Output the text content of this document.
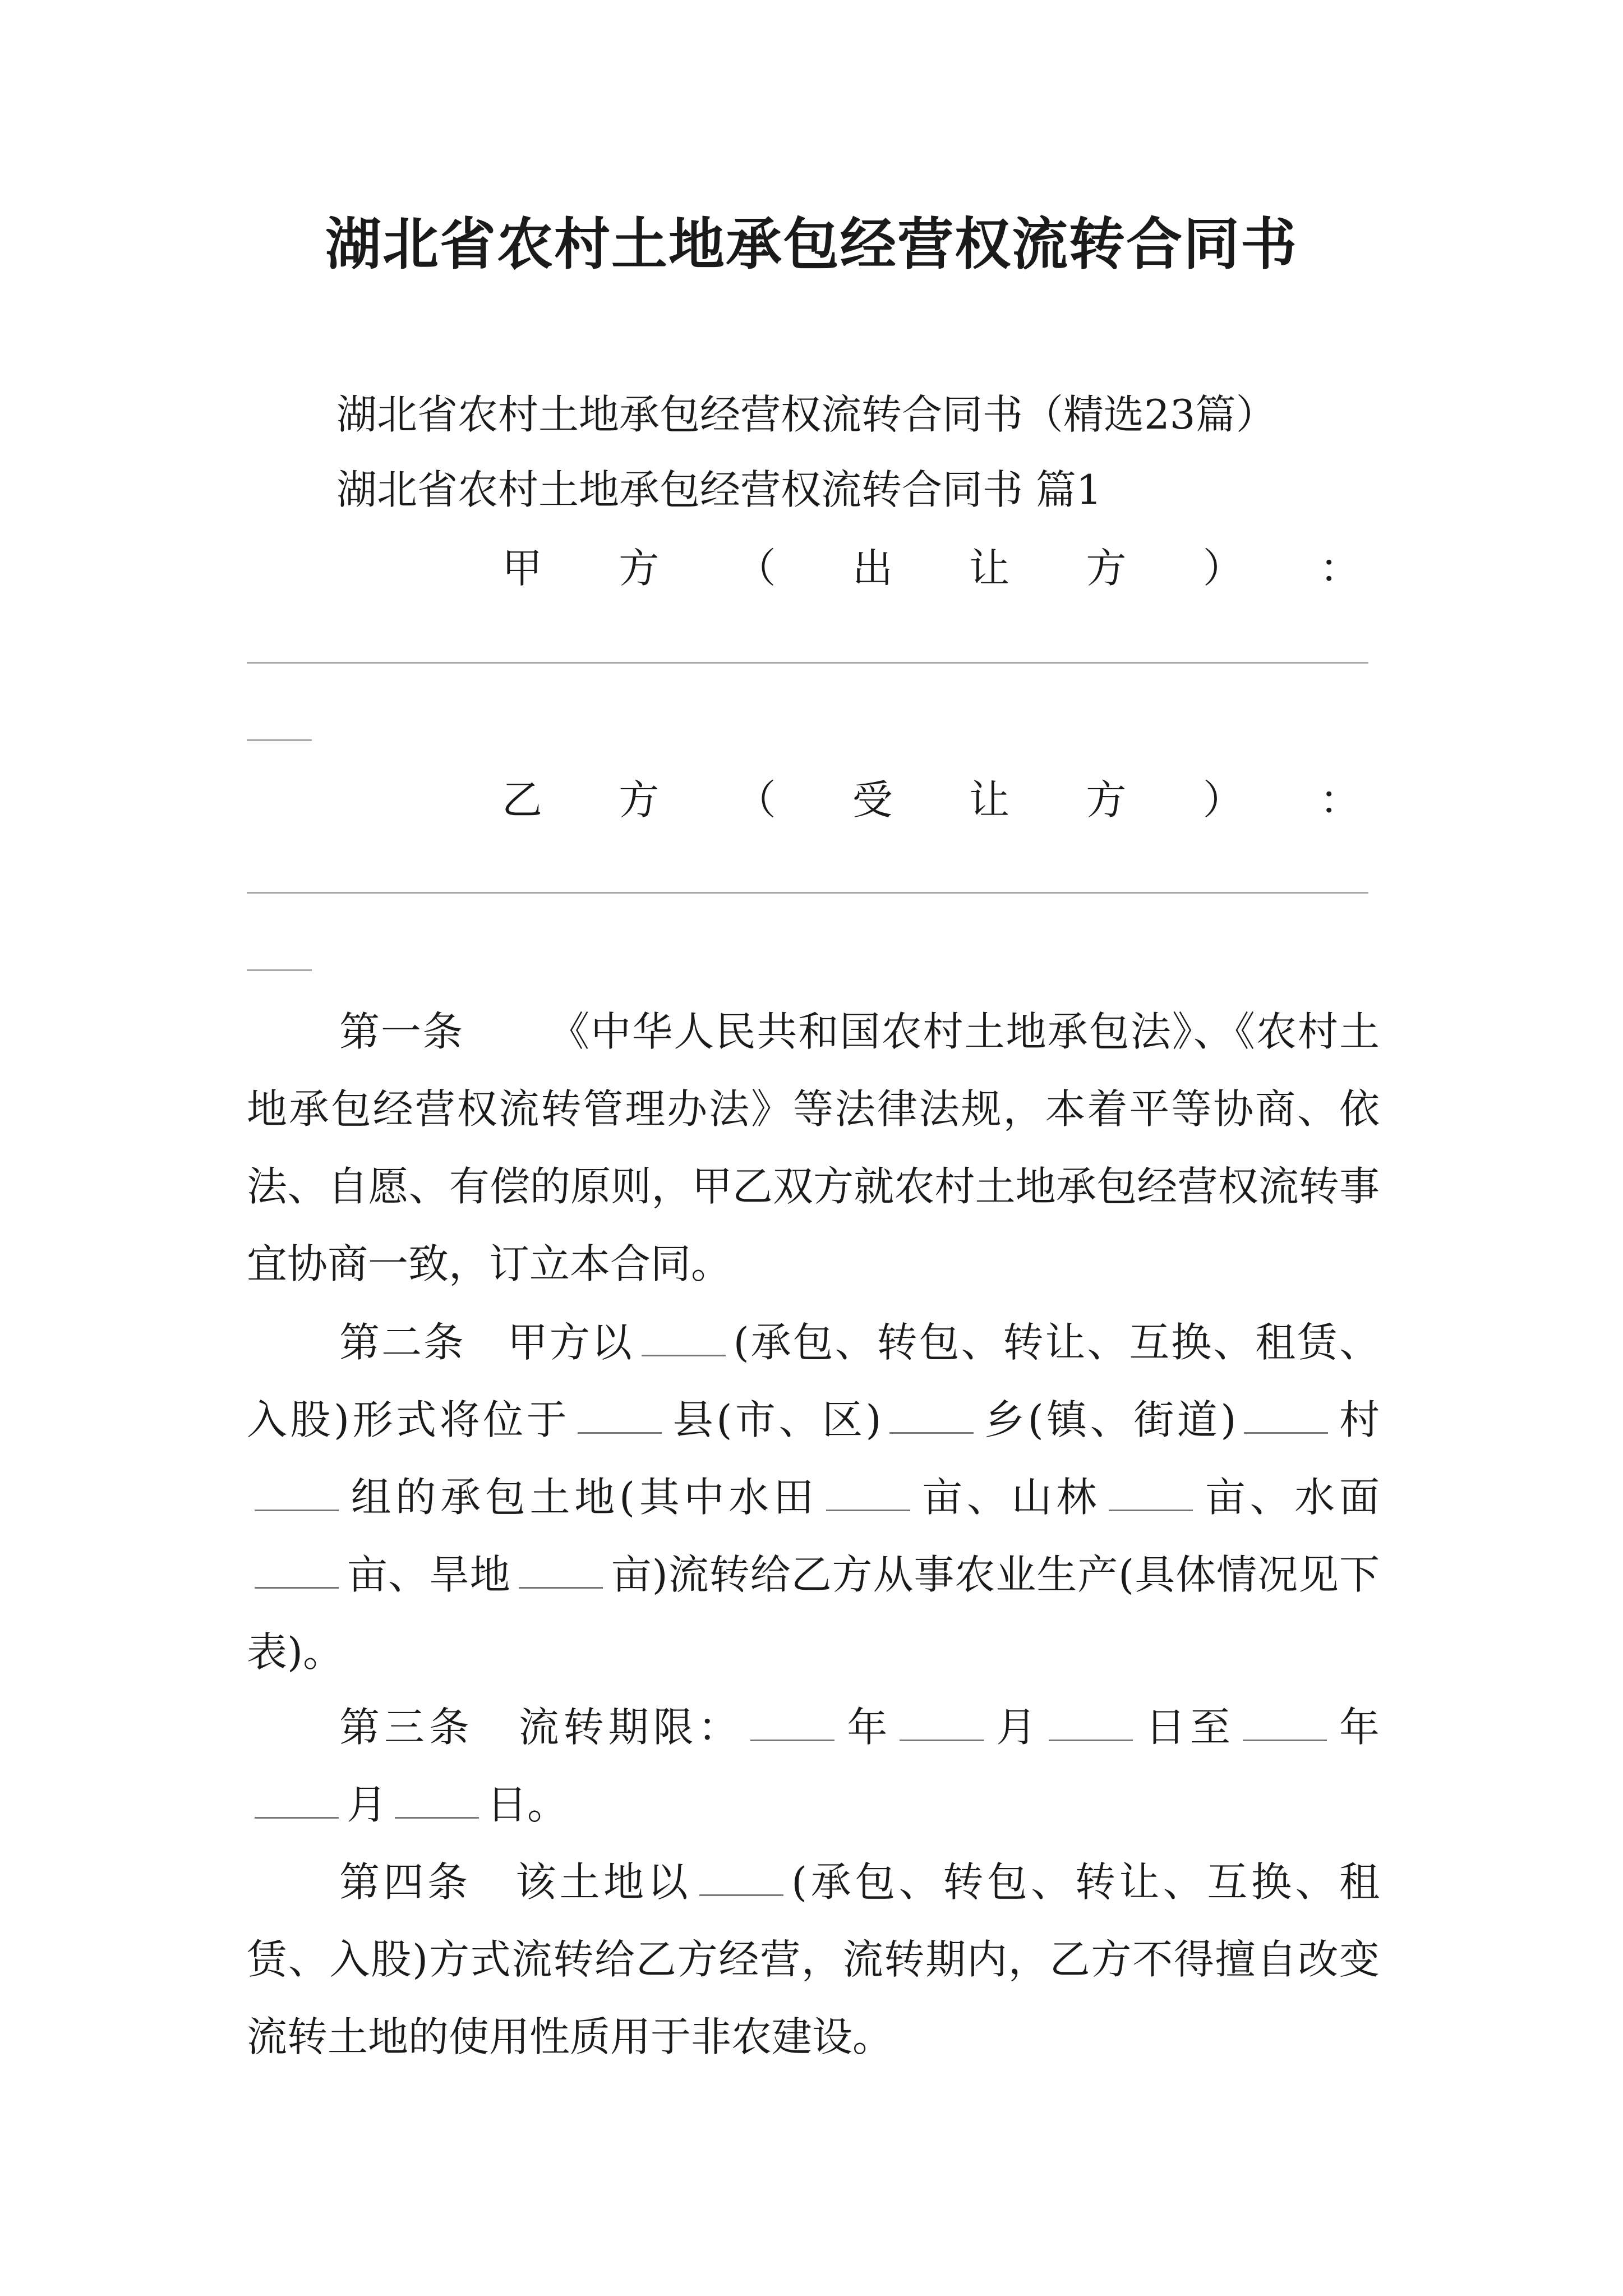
湖北省农村土地承包经营权流转合同书
湖北省农村土地承包经营权流转合同书（精选23篇）
湖北省农村土地承包经营权流转合同书 篇1
甲 方 （ 出 让 方 ） ：
乙 方 （ 受 让 方 ） ：
第一条 《中华人民共和国农村土地承包法》、《农村土地承包经营权流转管理办法》等法律法规，本着平等协商、依法、自愿、有偿的原则，甲乙双方就农村土地承包经营权流转事宜协商一致，订立本合同。
第二条  甲方以 (承包、转包、转让、互换、租赁、入股)形式将位于 县(市、区) 乡(镇、街道) 村组的承包土地(其中水田 亩、山林 亩、水面亩、旱地 亩)流转给乙方从事农业生产(具体情况见下表)。
第三条  流转期限： 年 月 日至 年月 日。
第四条  该土地以 (承包、转包、转让、互换、租赁、入股)方式流转给乙方经营，流转期内，乙方不得擅自改变流转土地的使用性质用于非农建设。
